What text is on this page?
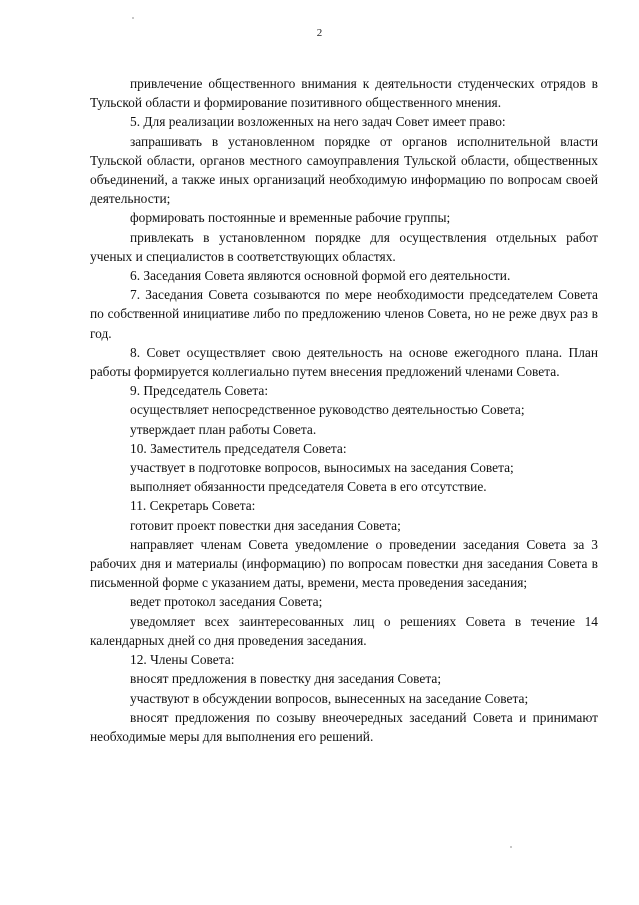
2

привлечение общественного внимания к деятельности студенческих отрядов в Тульской области и формирование позитивного общественного мнения.

5. Для реализации возложенных на него задач Совет имеет право:

запрашивать в установленном порядке от органов исполнительной власти Тульской области, органов местного самоуправления Тульской области, общественных объединений, а также иных организаций необходимую информацию по вопросам своей деятельности;

формировать постоянные и временные рабочие группы;

привлекать в установленном порядке для осуществления отдельных работ ученых и специалистов в соответствующих областях.

6. Заседания Совета являются основной формой его деятельности.

7. Заседания Совета созываются по мере необходимости председателем Совета по собственной инициативе либо по предложению членов Совета, но не реже двух раз в год.

8. Совет осуществляет свою деятельность на основе ежегодного плана. План работы формируется коллегиально путем внесения предложений членами Совета.

9. Председатель Совета:

осуществляет непосредственное руководство деятельностью Совета;

утверждает план работы Совета.

10. Заместитель председателя Совета:

участвует в подготовке вопросов, выносимых на заседания Совета;

выполняет обязанности председателя Совета в его отсутствие.

11. Секретарь Совета:

готовит проект повестки дня заседания Совета;

направляет членам Совета уведомление о проведении заседания Совета за 3 рабочих дня и материалы (информацию) по вопросам повестки дня заседания Совета в письменной форме с указанием даты, времени, места проведения заседания;

ведет протокол заседания Совета;

уведомляет всех заинтересованных лиц о решениях Совета в течение 14 календарных дней со дня проведения заседания.

12. Члены Совета:

вносят предложения в повестку дня заседания Совета;

участвуют в обсуждении вопросов, вынесенных на заседание Совета;

вносят предложения по созыву внеочередных заседаний Совета и принимают необходимые меры для выполнения его решений.
